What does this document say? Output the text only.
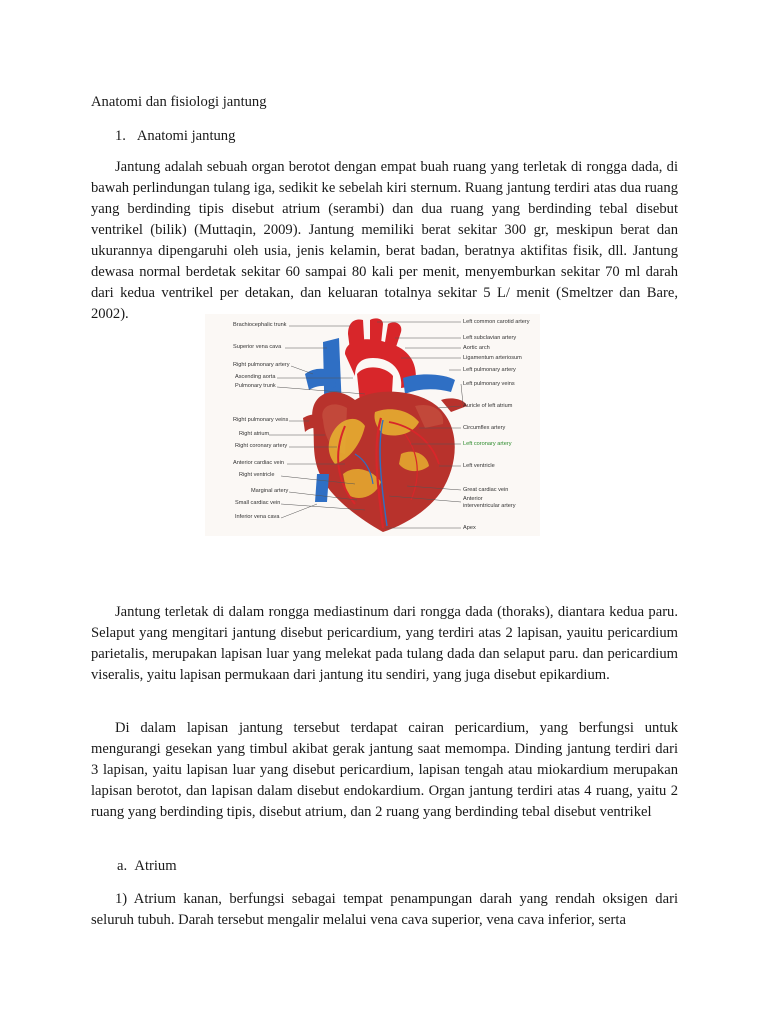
Anatomi dan fisiologi jantung
1.   Anatomi jantung
Jantung adalah sebuah organ berotot dengan empat buah ruang yang terletak di rongga dada, di bawah perlindungan tulang iga, sedikit ke sebelah kiri sternum. Ruang jantung terdiri atas dua ruang yang berdinding tipis disebut atrium (serambi) dan dua ruang yang berdinding tebal disebut ventrikel (bilik) (Muttaqin, 2009). Jantung memiliki berat sekitar 300 gr, meskipun berat dan ukurannya dipengaruhi oleh usia, jenis kelamin, berat badan, beratnya aktifitas fisik, dll. Jantung dewasa normal berdetak sekitar 60 sampai 80 kali per menit, menyemburkan sekitar 70 ml darah dari kedua ventrikel per detakan, dan keluaran totalnya sekitar 5 L/ menit (Smeltzer dan Bare, 2002).
Brachiocephalic trunk
Superior vena cava
Right pulmonary artery
Ascending aorta
Pulmonary trunk
Right pulmonary veins
Right atrium
Right coronary artery
Anterior cardiac vein
Right ventricle
Marginal artery
Small cardiac vein
Inferior vena cava
Left common carotid artery
Left subclavian artery
Aortic arch
Ligamentum arteriosum
Left pulmonary artery
Left pulmonary veins
Auricle of left atrium
Circumflex artery
Left coronary artery
Left ventricle
Great cardiac vein
Anterior interventricular artery
Apex
Jantung terletak di dalam rongga mediastinum dari rongga dada (thoraks), diantara kedua paru. Selaput yang mengitari jantung disebut pericardium, yang terdiri atas 2 lapisan, yauitu pericardium parietalis, merupakan lapisan luar yang melekat pada tulang dada dan selaput paru. dan pericardium viseralis, yaitu lapisan permukaan dari jantung itu sendiri, yang juga disebut epikardium.
Di dalam lapisan jantung tersebut terdapat cairan pericardium, yang berfungsi untuk mengurangi gesekan yang timbul akibat gerak jantung saat memompa. Dinding jantung terdiri dari 3 lapisan, yaitu lapisan luar yang disebut pericardium, lapisan tengah atau miokardium merupakan lapisan berotot, dan lapisan dalam disebut endokardium. Organ jantung terdiri atas 4 ruang, yaitu 2 ruang yang berdinding tipis, disebut atrium, dan 2 ruang yang berdinding tebal disebut ventrikel
a.  Atrium
1) Atrium kanan, berfungsi sebagai tempat penampungan darah yang rendah oksigen dari seluruh tubuh. Darah tersebut mengalir melalui vena cava superior, vena cava inferior, serta
